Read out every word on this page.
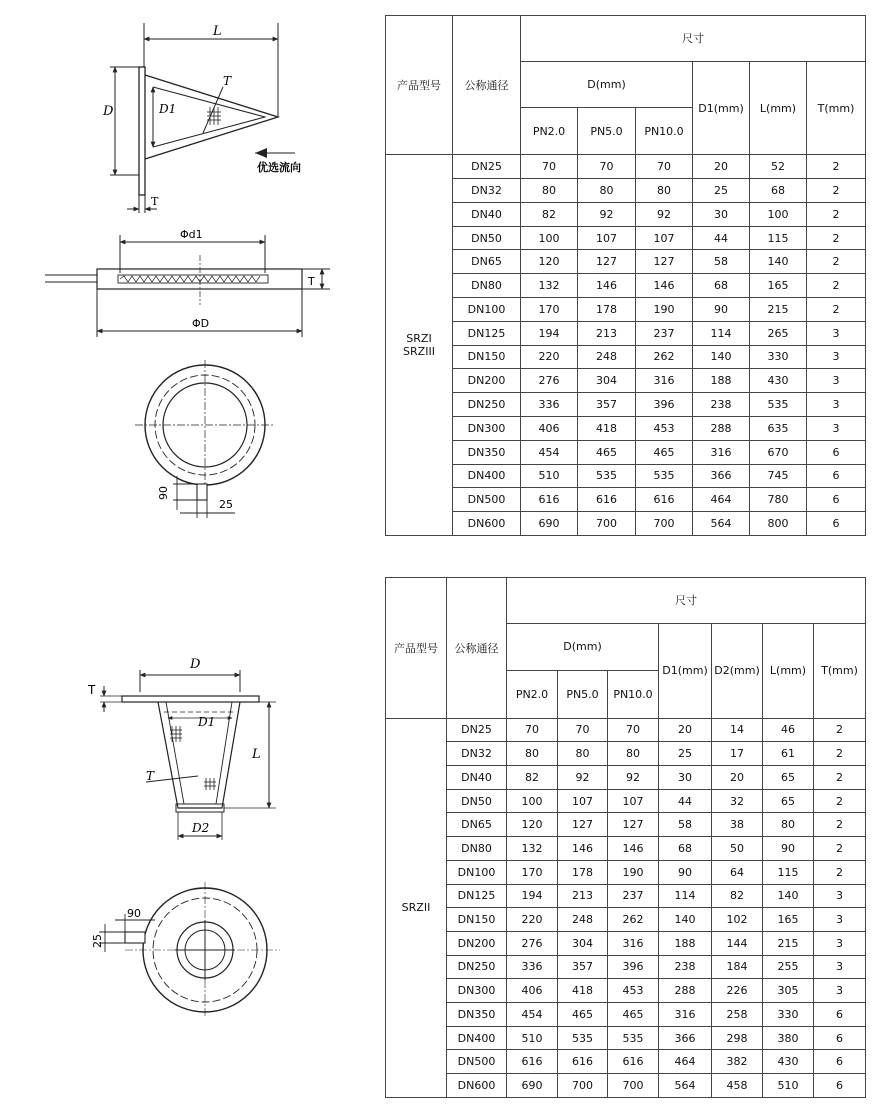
L
D	D1
T
优选流向
T
Φd1
T
ΦD
90
25
D
T
D1
T
L
D2
90
25
产品型号	公称通径	尺寸					
		D(mm)			D1(mm)	L(mm)	T(mm)
		PN2.0	PN5.0	PN10.0			
SRZI
SRZIII	DN25	70	70	70	20	52	2
	DN32	80	80	80	25	68	2
	DN40	82	92	92	30	100	2
	DN50	100	107	107	44	115	2
	DN65	120	127	127	58	140	2
	DN80	132	146	146	68	165	2
	DN100	170	178	190	90	215	2
	DN125	194	213	237	114	265	3
	DN150	220	248	262	140	330	3
	DN200	276	304	316	188	430	3
	DN250	336	357	396	238	535	3
	DN300	406	418	453	288	635	3
	DN350	454	465	465	316	670	6
	DN400	510	535	535	366	745	6
	DN500	616	616	616	464	780	6
	DN600	690	700	700	564	800	6
产品型号	公称通径	尺寸						
		D(mm)			D1(mm)	D2(mm)	L(mm)	T(mm)
		PN2.0	PN5.0	PN10.0				
SRZII	DN25	70	70	70	20	14	46	2
	DN32	80	80	80	25	17	61	2
	DN40	82	92	92	30	20	65	2
	DN50	100	107	107	44	32	65	2
	DN65	120	127	127	58	38	80	2
	DN80	132	146	146	68	50	90	2
	DN100	170	178	190	90	64	115	2
	DN125	194	213	237	114	82	140	3
	DN150	220	248	262	140	102	165	3
	DN200	276	304	316	188	144	215	3
	DN250	336	357	396	238	184	255	3
	DN300	406	418	453	288	226	305	3
	DN350	454	465	465	316	258	330	6
	DN400	510	535	535	366	298	380	6
	DN500	616	616	616	464	382	430	6
	DN600	690	700	700	564	458	510	6
